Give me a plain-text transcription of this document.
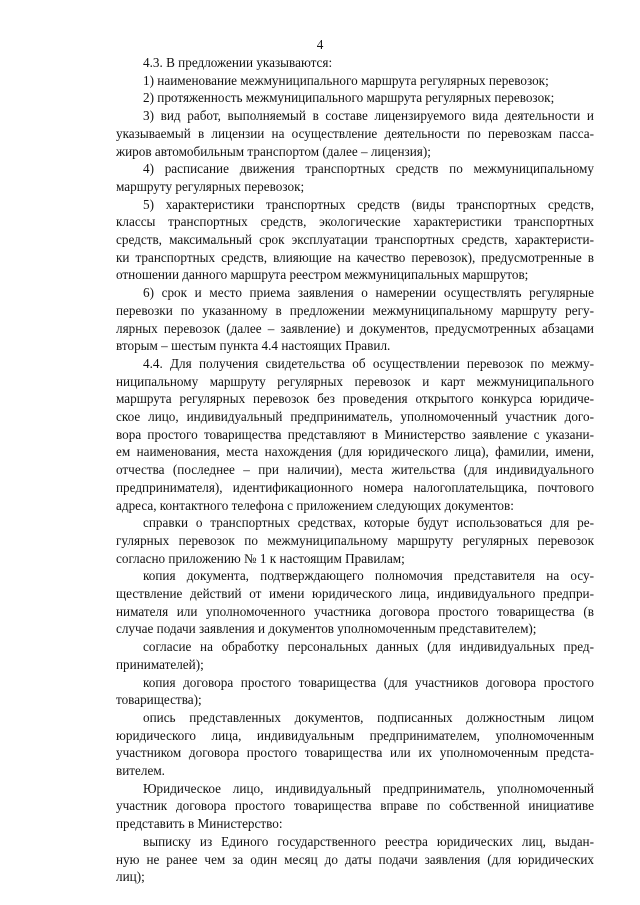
4
4.3. В предложении указываются:
1) наименование межмуниципального маршрута регулярных перевозок;
2) протяженность межмуниципального маршрута регулярных перевозок;
3) вид работ, выполняемый в составе лицензируемого вида деятельности и
указываемый в лицензии на осуществление деятельности по перевозкам пасса-
жиров автомобильным транспортом (далее – лицензия);
4) расписание движения транспортных средств по межмуниципальному
маршруту регулярных перевозок;
5) характеристики транспортных средств (виды транспортных средств,
классы транспортных средств, экологические характеристики транспортных
средств, максимальный срок эксплуатации транспортных средств, характеристи-
ки транспортных средств, влияющие на качество перевозок), предусмотренные в
отношении данного маршрута реестром межмуниципальных маршрутов;
6) срок и место приема заявления о намерении осуществлять регулярные
перевозки по указанному в предложении межмуниципальному маршруту регу-
лярных перевозок (далее – заявление) и документов, предусмотренных абзацами
вторым – шестым пункта 4.4 настоящих Правил.
4.4. Для получения свидетельства об осуществлении перевозок по межму-
ниципальному маршруту регулярных перевозок и карт межмуниципального
маршрута регулярных перевозок без проведения открытого конкурса юридиче-
ское лицо, индивидуальный предприниматель, уполномоченный участник дого-
вора простого товарищества представляют в Министерство заявление с указани-
ем наименования, места нахождения (для юридического лица), фамилии, имени,
отчества (последнее – при наличии), места жительства (для индивидуального
предпринимателя), идентификационного номера налогоплательщика, почтового
адреса, контактного телефона с приложением следующих документов:
справки о транспортных средствах, которые будут использоваться для ре-
гулярных перевозок по межмуниципальному маршруту регулярных перевозок
согласно приложению № 1 к настоящим Правилам;
копия документа, подтверждающего полномочия представителя на осу-
ществление действий от имени юридического лица, индивидуального предпри-
нимателя или уполномоченного участника договора простого товарищества (в
случае подачи заявления и документов уполномоченным представителем);
согласие на обработку персональных данных (для индивидуальных пред-
принимателей);
копия договора простого товарищества (для участников договора простого
товарищества);
опись представленных документов, подписанных должностным лицом
юридического лица, индивидуальным предпринимателем, уполномоченным
участником договора простого товарищества или их уполномоченным предста-
вителем.
Юридическое лицо, индивидуальный предприниматель, уполномоченный
участник договора простого товарищества вправе по собственной инициативе
представить в Министерство:
выписку из Единого государственного реестра юридических лиц, выдан-
ную не ранее чем за один месяц до даты подачи заявления (для юридических
лиц);
